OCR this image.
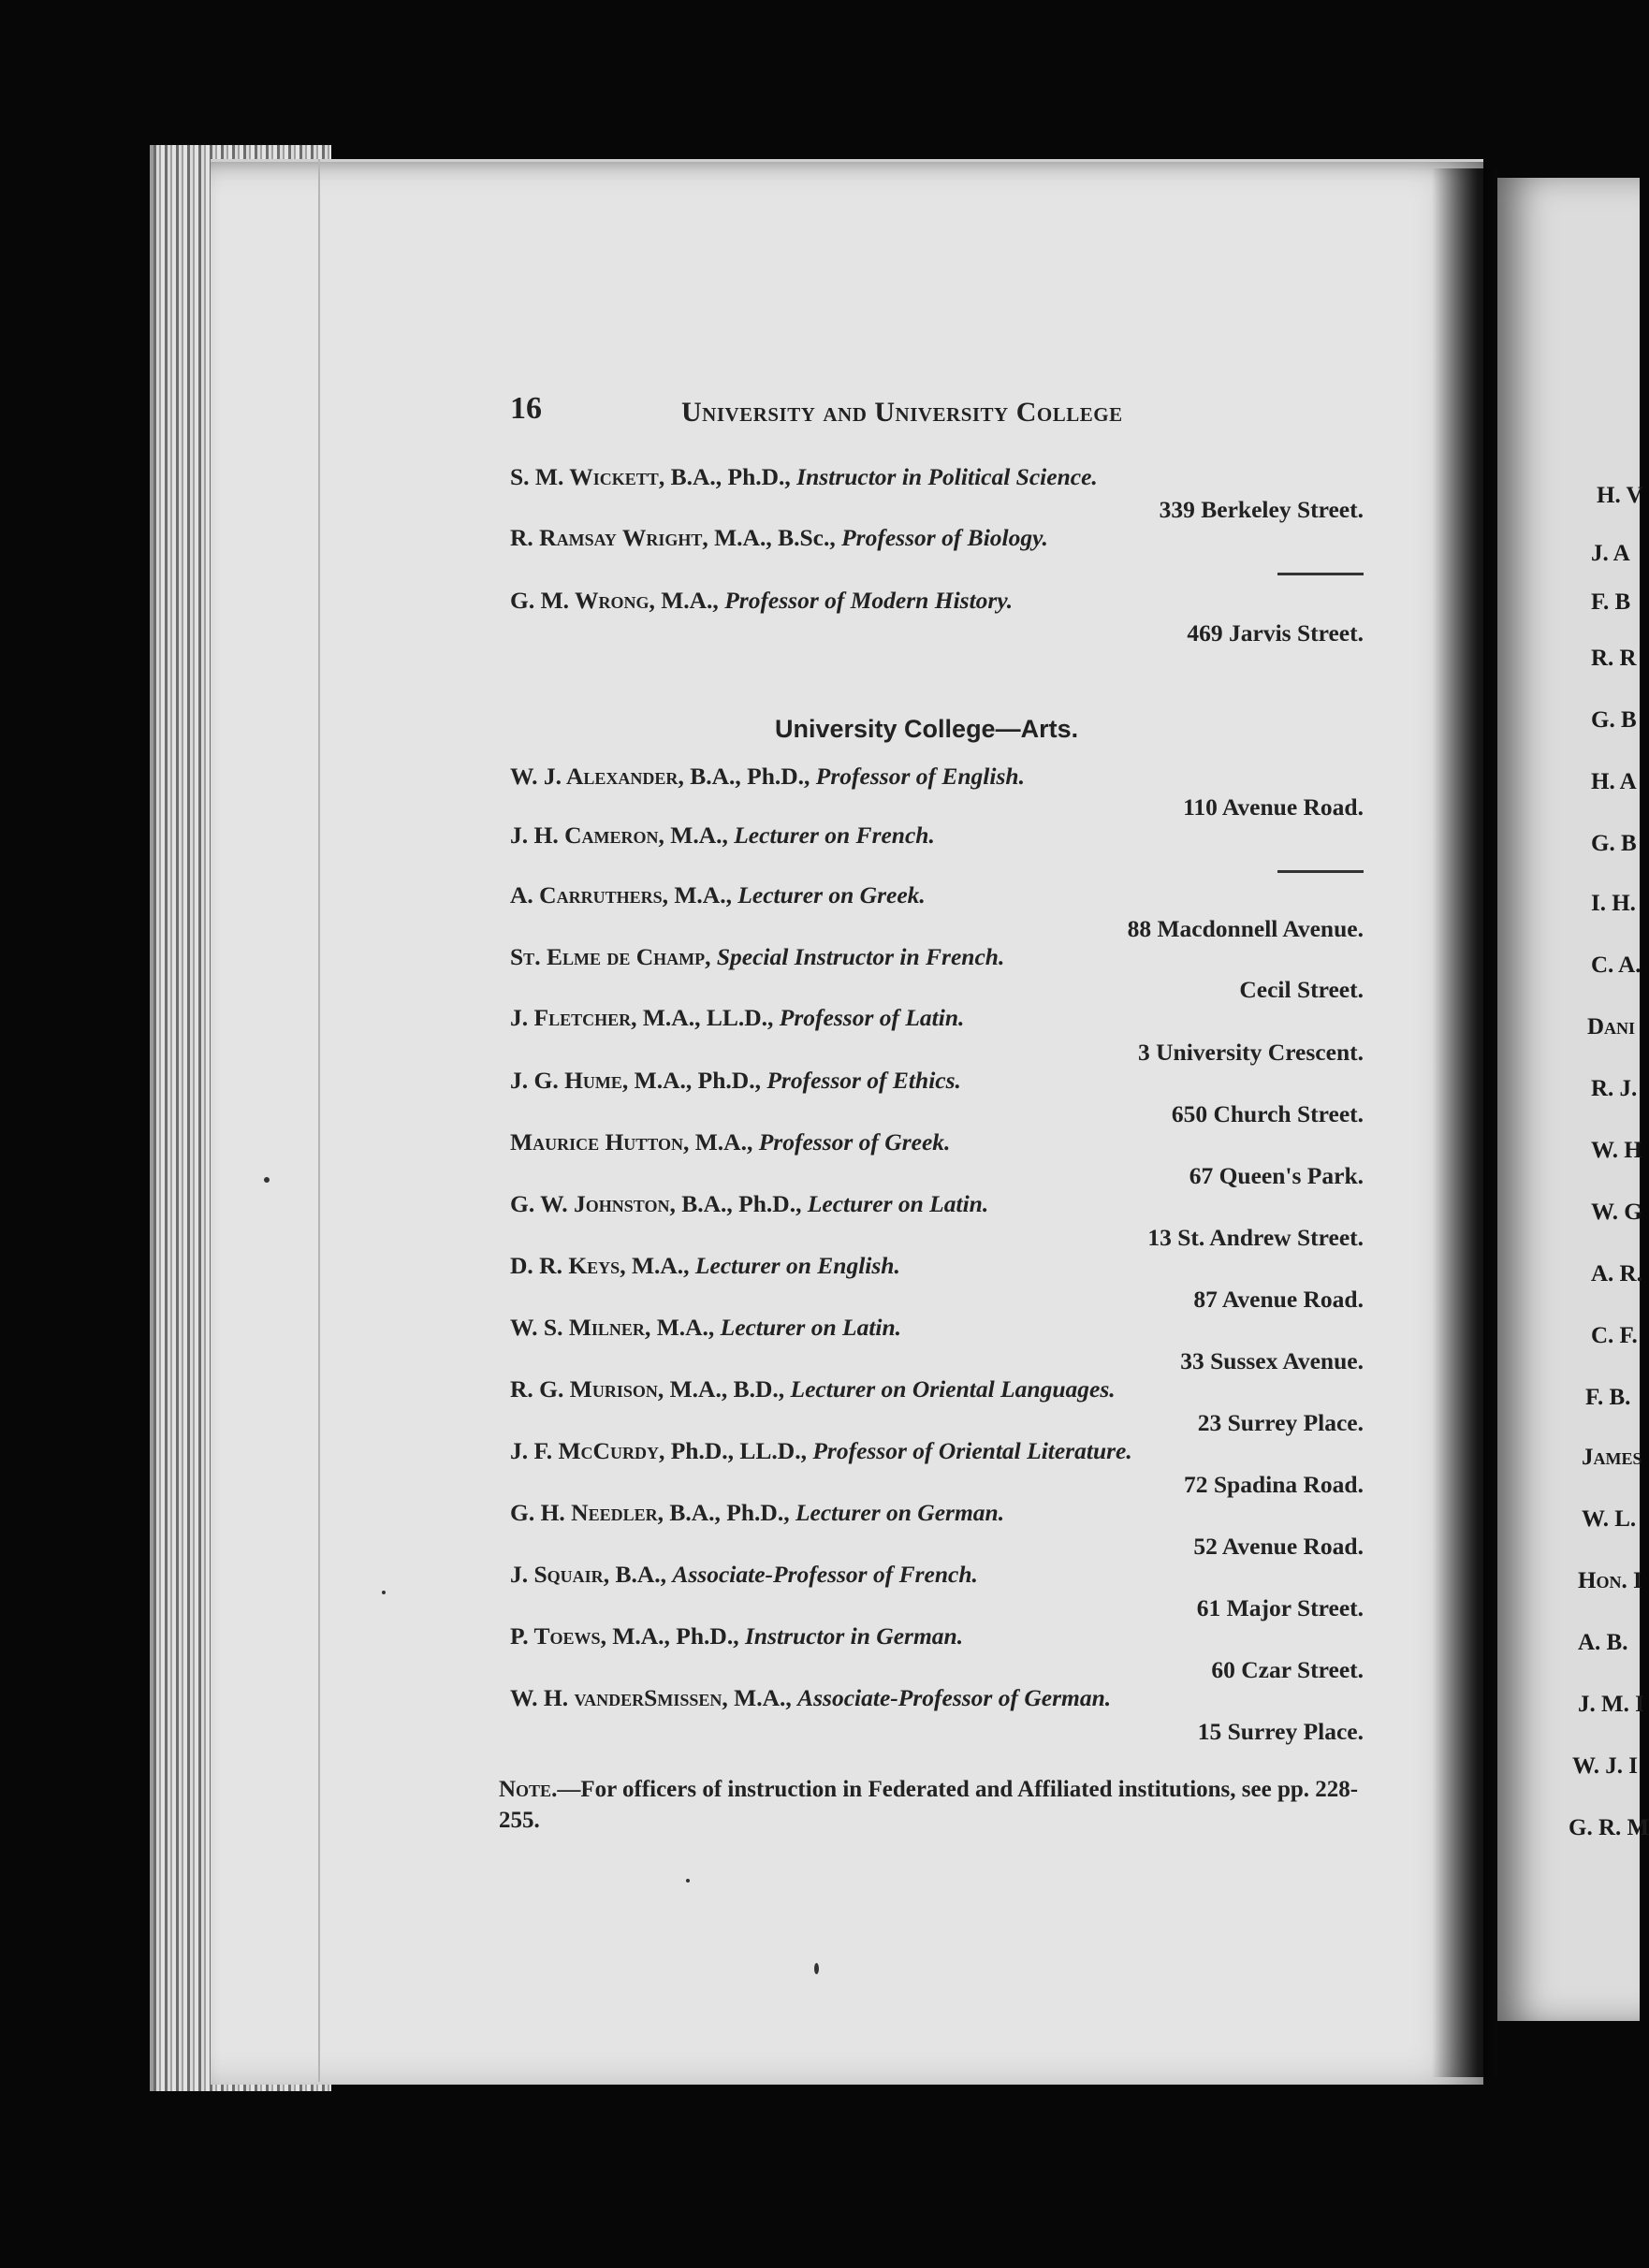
H. V
J. A
F. B
R. R
G. B
H. A
G. B
I. H.
C. A.
Dani
R. J.
W. H
W. G
A. R.
C. F.
F. B.
James
W. L.
Hon. I
A. B.
J. M. I
W. J. I
G. R. M
16	University and University College
S. M. Wickett, B.A., Ph.D., Instructor in Political Science.
339 Berkeley Street.
R. Ramsay Wright, M.A., B.Sc., Professor of Biology.
G. M. Wrong, M.A., Professor of Modern History.
469 Jarvis Street.
University College—Arts.
W. J. Alexander, B.A., Ph.D., Professor of English.
110 Avenue Road.
J. H. Cameron, M.A., Lecturer on French.
A. Carruthers, M.A., Lecturer on Greek.
88 Macdonnell Avenue.
St. Elme de Champ, Special Instructor in French.
Cecil Street.
J. Fletcher, M.A., LL.D., Professor of Latin.
3 University Crescent.
J. G. Hume, M.A., Ph.D., Professor of Ethics.
650 Church Street.
Maurice Hutton, M.A., Professor of Greek.
67 Queen's Park.
G. W. Johnston, B.A., Ph.D., Lecturer on Latin.
13 St. Andrew Street.
D. R. Keys, M.A., Lecturer on English.
87 Avenue Road.
W. S. Milner, M.A., Lecturer on Latin.
33 Sussex Avenue.
R. G. Murison, M.A., B.D., Lecturer on Oriental Languages.
23 Surrey Place.
J. F. McCurdy, Ph.D., LL.D., Professor of Oriental Literature.
72 Spadina Road.
G. H. Needler, B.A., Ph.D., Lecturer on German.
52 Avenue Road.
J. Squair, B.A., Associate-Professor of French.
61 Major Street.
P. Toews, M.A., Ph.D., Instructor in German.
60 Czar Street.
W. H. vanderSmissen, M.A., Associate-Professor of German.
15 Surrey Place.
Note.—For officers of instruction in Federated and Affiliated institutions, see pp. 228-255.
